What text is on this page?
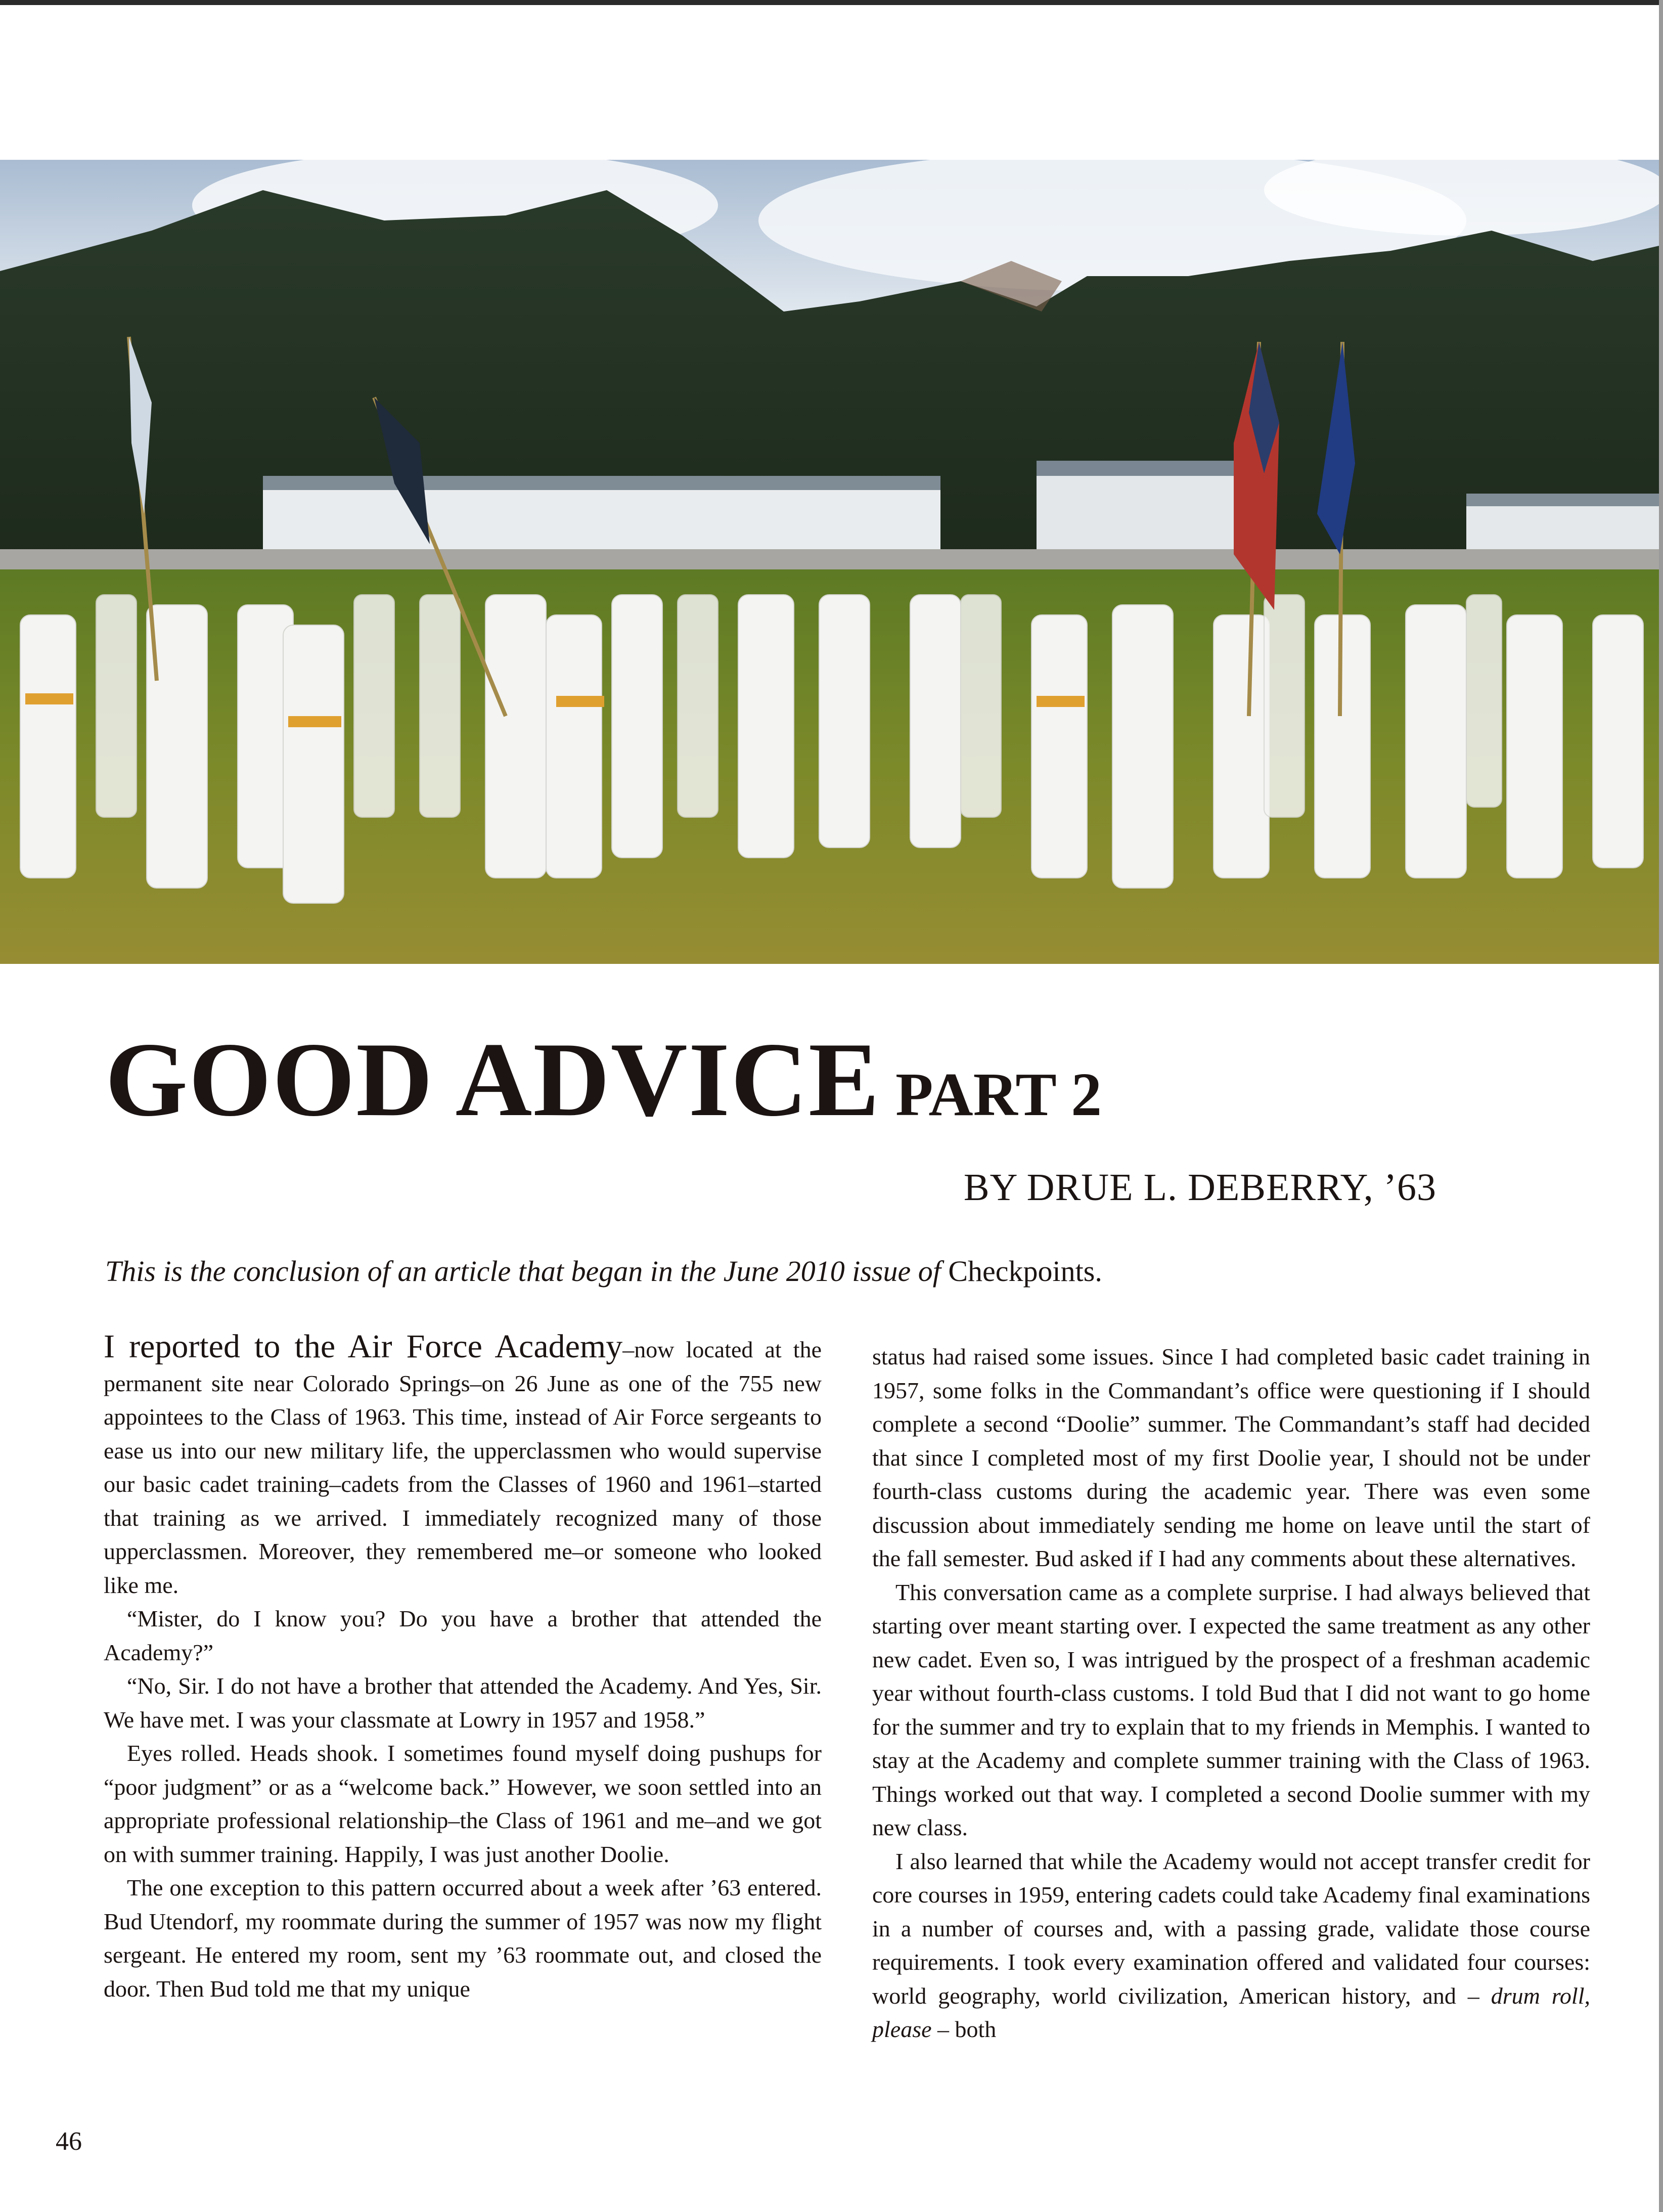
GOOD ADVICE PART 2

BY DRUE L. DEBERRY, ’63

This is the conclusion of an article that began in the June 2010 issue of Checkpoints.

I reported to the Air Force Academy–now located at the permanent site near Colorado Springs–on 26 June as one of the 755 new appointees to the Class of 1963. This time, instead of Air Force sergeants to ease us into our new military life, the upperclassmen who would supervise our basic cadet training–cadets from the Classes of 1960 and 1961–started that training as we arrived. I immediately recognized many of those upperclassmen. Moreover, they remembered me–or someone who looked like me.

“Mister, do I know you? Do you have a brother that attended the Academy?”

“No, Sir. I do not have a brother that attended the Academy. And Yes, Sir. We have met. I was your classmate at Lowry in 1957 and 1958.”

Eyes rolled. Heads shook. I sometimes found myself doing pushups for “poor judgment” or as a “welcome back.” However, we soon settled into an appropriate professional relationship–the Class of 1961 and me–and we got on with summer training. Happily, I was just another Doolie.

The one exception to this pattern occurred about a week after ’63 entered. Bud Utendorf, my roommate during the summer of 1957 was now my flight sergeant. He entered my room, sent my ’63 roommate out, and closed the door. Then Bud told me that my unique

status had raised some issues. Since I had completed basic cadet training in 1957, some folks in the Commandant’s office were questioning if I should complete a second “Doolie” summer. The Commandant’s staff had decided that since I completed most of my first Doolie year, I should not be under fourth-class customs during the academic year. There was even some discussion about immediately sending me home on leave until the start of the fall semester. Bud asked if I had any comments about these alternatives.

This conversation came as a complete surprise. I had always believed that starting over meant starting over. I expected the same treatment as any other new cadet. Even so, I was intrigued by the prospect of a freshman academic year without fourth-class customs. I told Bud that I did not want to go home for the summer and try to explain that to my friends in Memphis. I wanted to stay at the Academy and complete summer training with the Class of 1963. Things worked out that way. I completed a second Doolie summer with my new class.

I also learned that while the Academy would not accept transfer credit for core courses in 1959, entering cadets could take Academy final examinations in a number of courses and, with a passing grade, validate those course requirements. I took every examination offered and validated four courses: world geography, world civilization, American history, and – drum roll, please – both

46
